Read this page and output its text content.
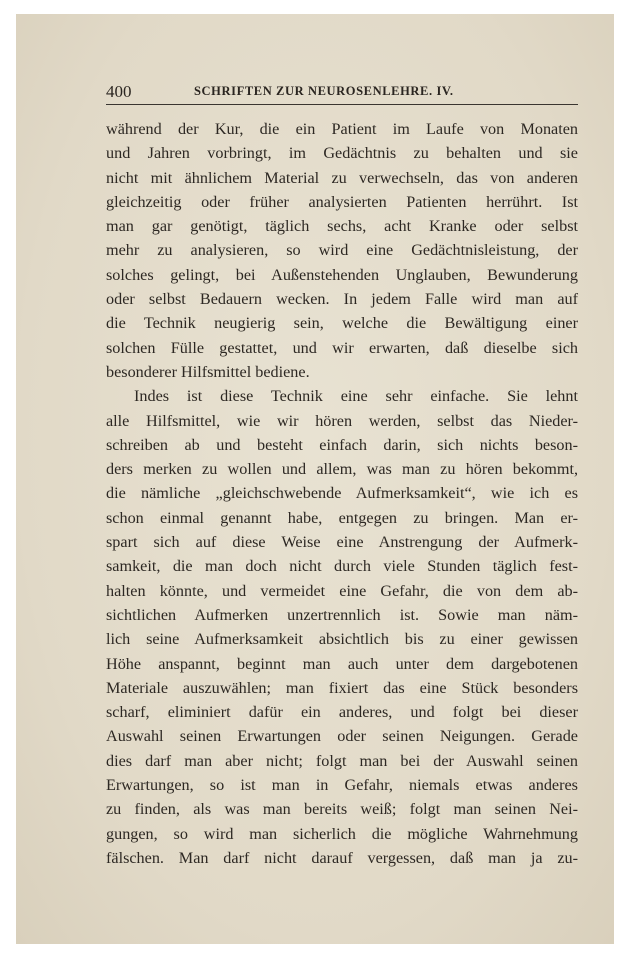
400	SCHRIFTEN ZUR NEUROSENLEHRE. IV.
während der Kur, die ein Patient im Laufe von Monaten
und Jahren vorbringt, im Gedächtnis zu behalten und sie
nicht mit ähnlichem Material zu verwechseln, das von anderen
gleichzeitig oder früher analysierten Patienten herrührt. Ist
man gar genötigt, täglich sechs, acht Kranke oder selbst
mehr zu analysieren, so wird eine Gedächtnisleistung, der
solches gelingt, bei Außenstehenden Unglauben, Bewunderung
oder selbst Bedauern wecken. In jedem Falle wird man auf
die Technik neugierig sein, welche die Bewältigung einer
solchen Fülle gestattet, und wir erwarten, daß dieselbe sich
besonderer Hilfsmittel bediene.
Indes ist diese Technik eine sehr einfache. Sie lehnt
alle Hilfsmittel, wie wir hören werden, selbst das Nieder-
schreiben ab und besteht einfach darin, sich nichts beson-
ders merken zu wollen und allem, was man zu hören bekommt,
die nämliche „gleichschwebende Aufmerksamkeit“, wie ich es
schon einmal genannt habe, entgegen zu bringen. Man er-
spart sich auf diese Weise eine Anstrengung der Aufmerk-
samkeit, die man doch nicht durch viele Stunden täglich fest-
halten könnte, und vermeidet eine Gefahr, die von dem ab-
sichtlichen Aufmerken unzertrennlich ist. Sowie man näm-
lich seine Aufmerksamkeit absichtlich bis zu einer gewissen
Höhe anspannt, beginnt man auch unter dem dargebotenen
Materiale auszuwählen; man fixiert das eine Stück besonders
scharf, eliminiert dafür ein anderes, und folgt bei dieser
Auswahl seinen Erwartungen oder seinen Neigungen. Gerade
dies darf man aber nicht; folgt man bei der Auswahl seinen
Erwartungen, so ist man in Gefahr, niemals etwas anderes
zu finden, als was man bereits weiß; folgt man seinen Nei-
gungen, so wird man sicherlich die mögliche Wahrnehmung
fälschen. Man darf nicht darauf vergessen, daß man ja zu-
